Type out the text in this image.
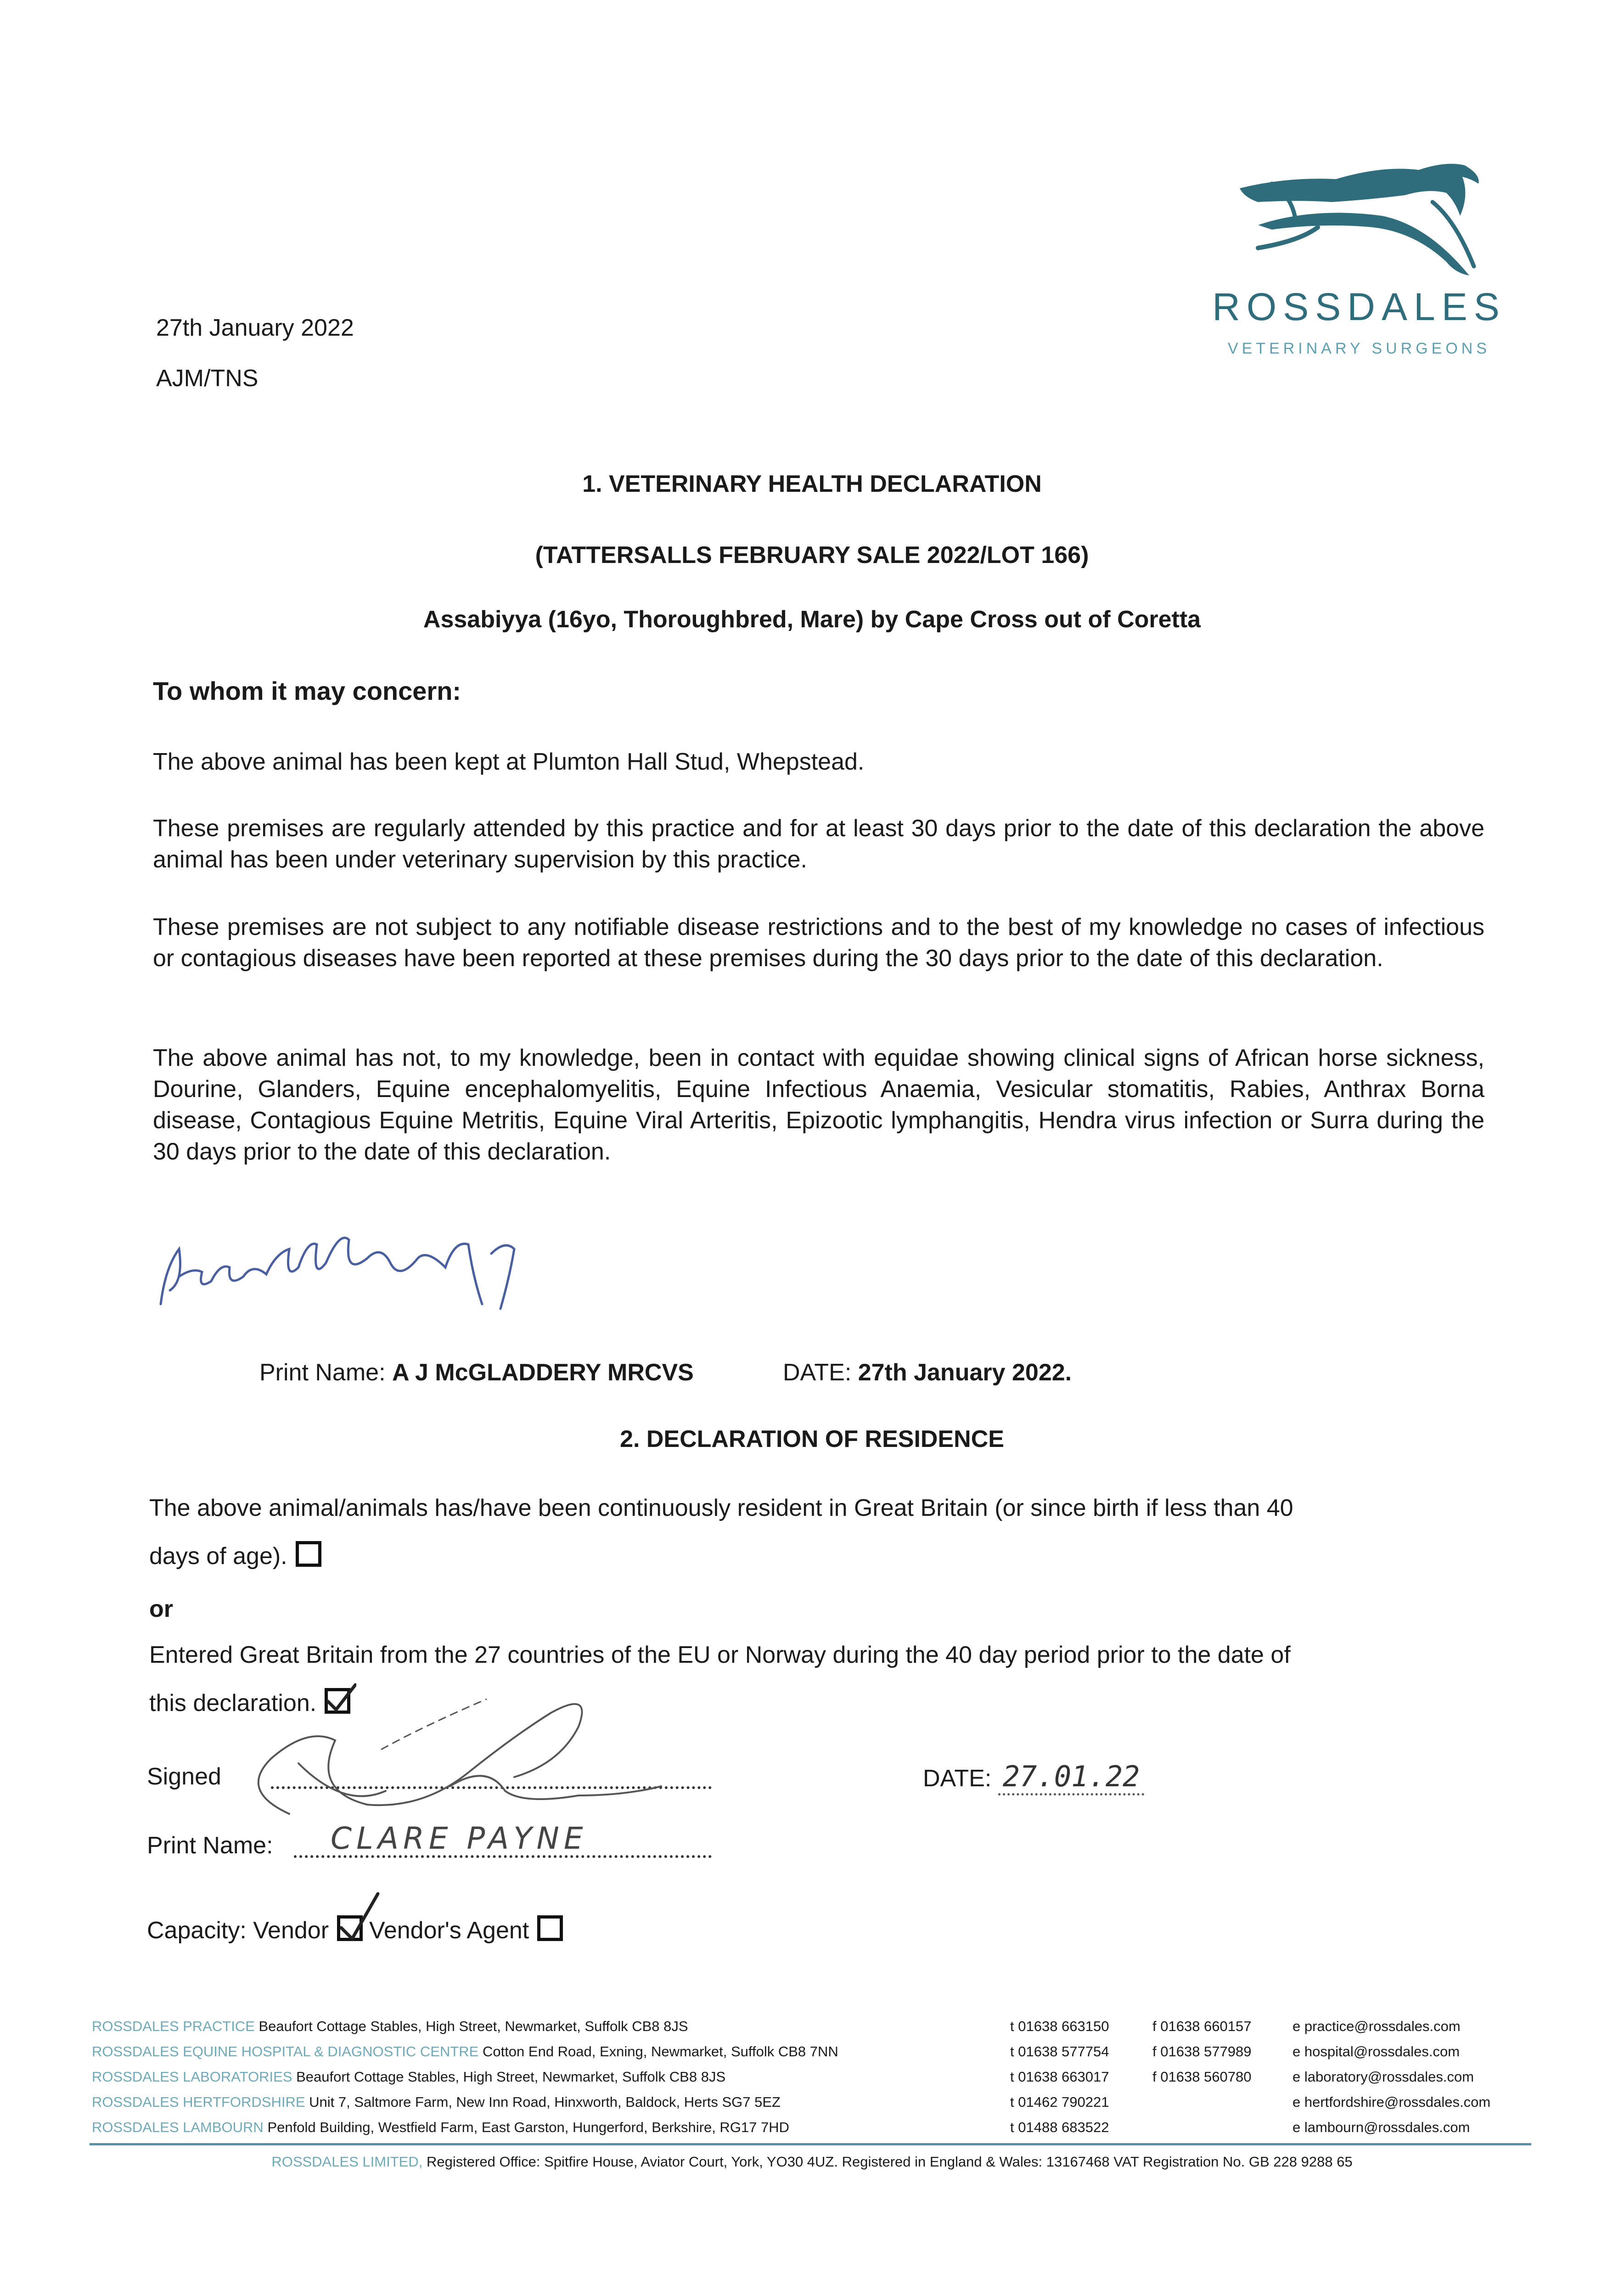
ROSSDALES
VETERINARY SURGEONS
27th January 2022
AJM/TNS
1. VETERINARY HEALTH DECLARATION
(TATTERSALLS FEBRUARY SALE 2022/LOT 166)
Assabiyya (16yo, Thoroughbred, Mare) by Cape Cross out of Coretta
To whom it may concern:
The above animal has been kept at Plumton Hall Stud, Whepstead.
These premises are regularly attended by this practice and for at least 30 days prior to the date of this declaration the above animal has been under veterinary supervision by this practice.
These premises are not subject to any notifiable disease restrictions and to the best of my knowledge no cases of infectious or contagious diseases have been reported at these premises during the 30 days prior to the date of this declaration.
The above animal has not, to my knowledge, been in contact with equidae showing clinical signs of African horse sickness, Dourine, Glanders, Equine encephalomyelitis, Equine Infectious Anaemia, Vesicular stomatitis, Rabies, Anthrax Borna disease, Contagious Equine Metritis, Equine Viral Arteritis, Epizootic lymphangitis, Hendra virus infection or Surra during the 30 days prior to the date of this declaration.
Print Name: A J McGLADDERY MRCVS	DATE: 27th January 2022.
2. DECLARATION OF RESIDENCE
The above animal/animals has/have been continuously resident in Great Britain (or since birth if less than 40
days of age).
or
Entered Great Britain from the 27 countries of the EU or Norway during the 40 day period prior to the date of
this declaration.
Signed	DATE: 27.01.22
Print Name: CLARE PAYNE
Capacity: Vendor Vendor's Agent
ROSSDALES PRACTICE Beaufort Cottage Stables, High Street, Newmarket, Suffolk CB8 8JS	t 01638 663150	f 01638 660157	e practice@rossdales.com
ROSSDALES EQUINE HOSPITAL & DIAGNOSTIC CENTRE Cotton End Road, Exning, Newmarket, Suffolk CB8 7NN	t 01638 577754	f 01638 577989	e hospital@rossdales.com
ROSSDALES LABORATORIES Beaufort Cottage Stables, High Street, Newmarket, Suffolk CB8 8JS	t 01638 663017	f 01638 560780	e laboratory@rossdales.com
ROSSDALES HERTFORDSHIRE Unit 7, Saltmore Farm, New Inn Road, Hinxworth, Baldock, Herts SG7 5EZ	t 01462 790221	e hertfordshire@rossdales.com
ROSSDALES LAMBOURN Penfold Building, Westfield Farm, East Garston, Hungerford, Berkshire, RG17 7HD	t 01488 683522	e lambourn@rossdales.com
ROSSDALES LIMITED, Registered Office: Spitfire House, Aviator Court, York, YO30 4UZ. Registered in England & Wales: 13167468 VAT Registration No. GB 228 9288 65
